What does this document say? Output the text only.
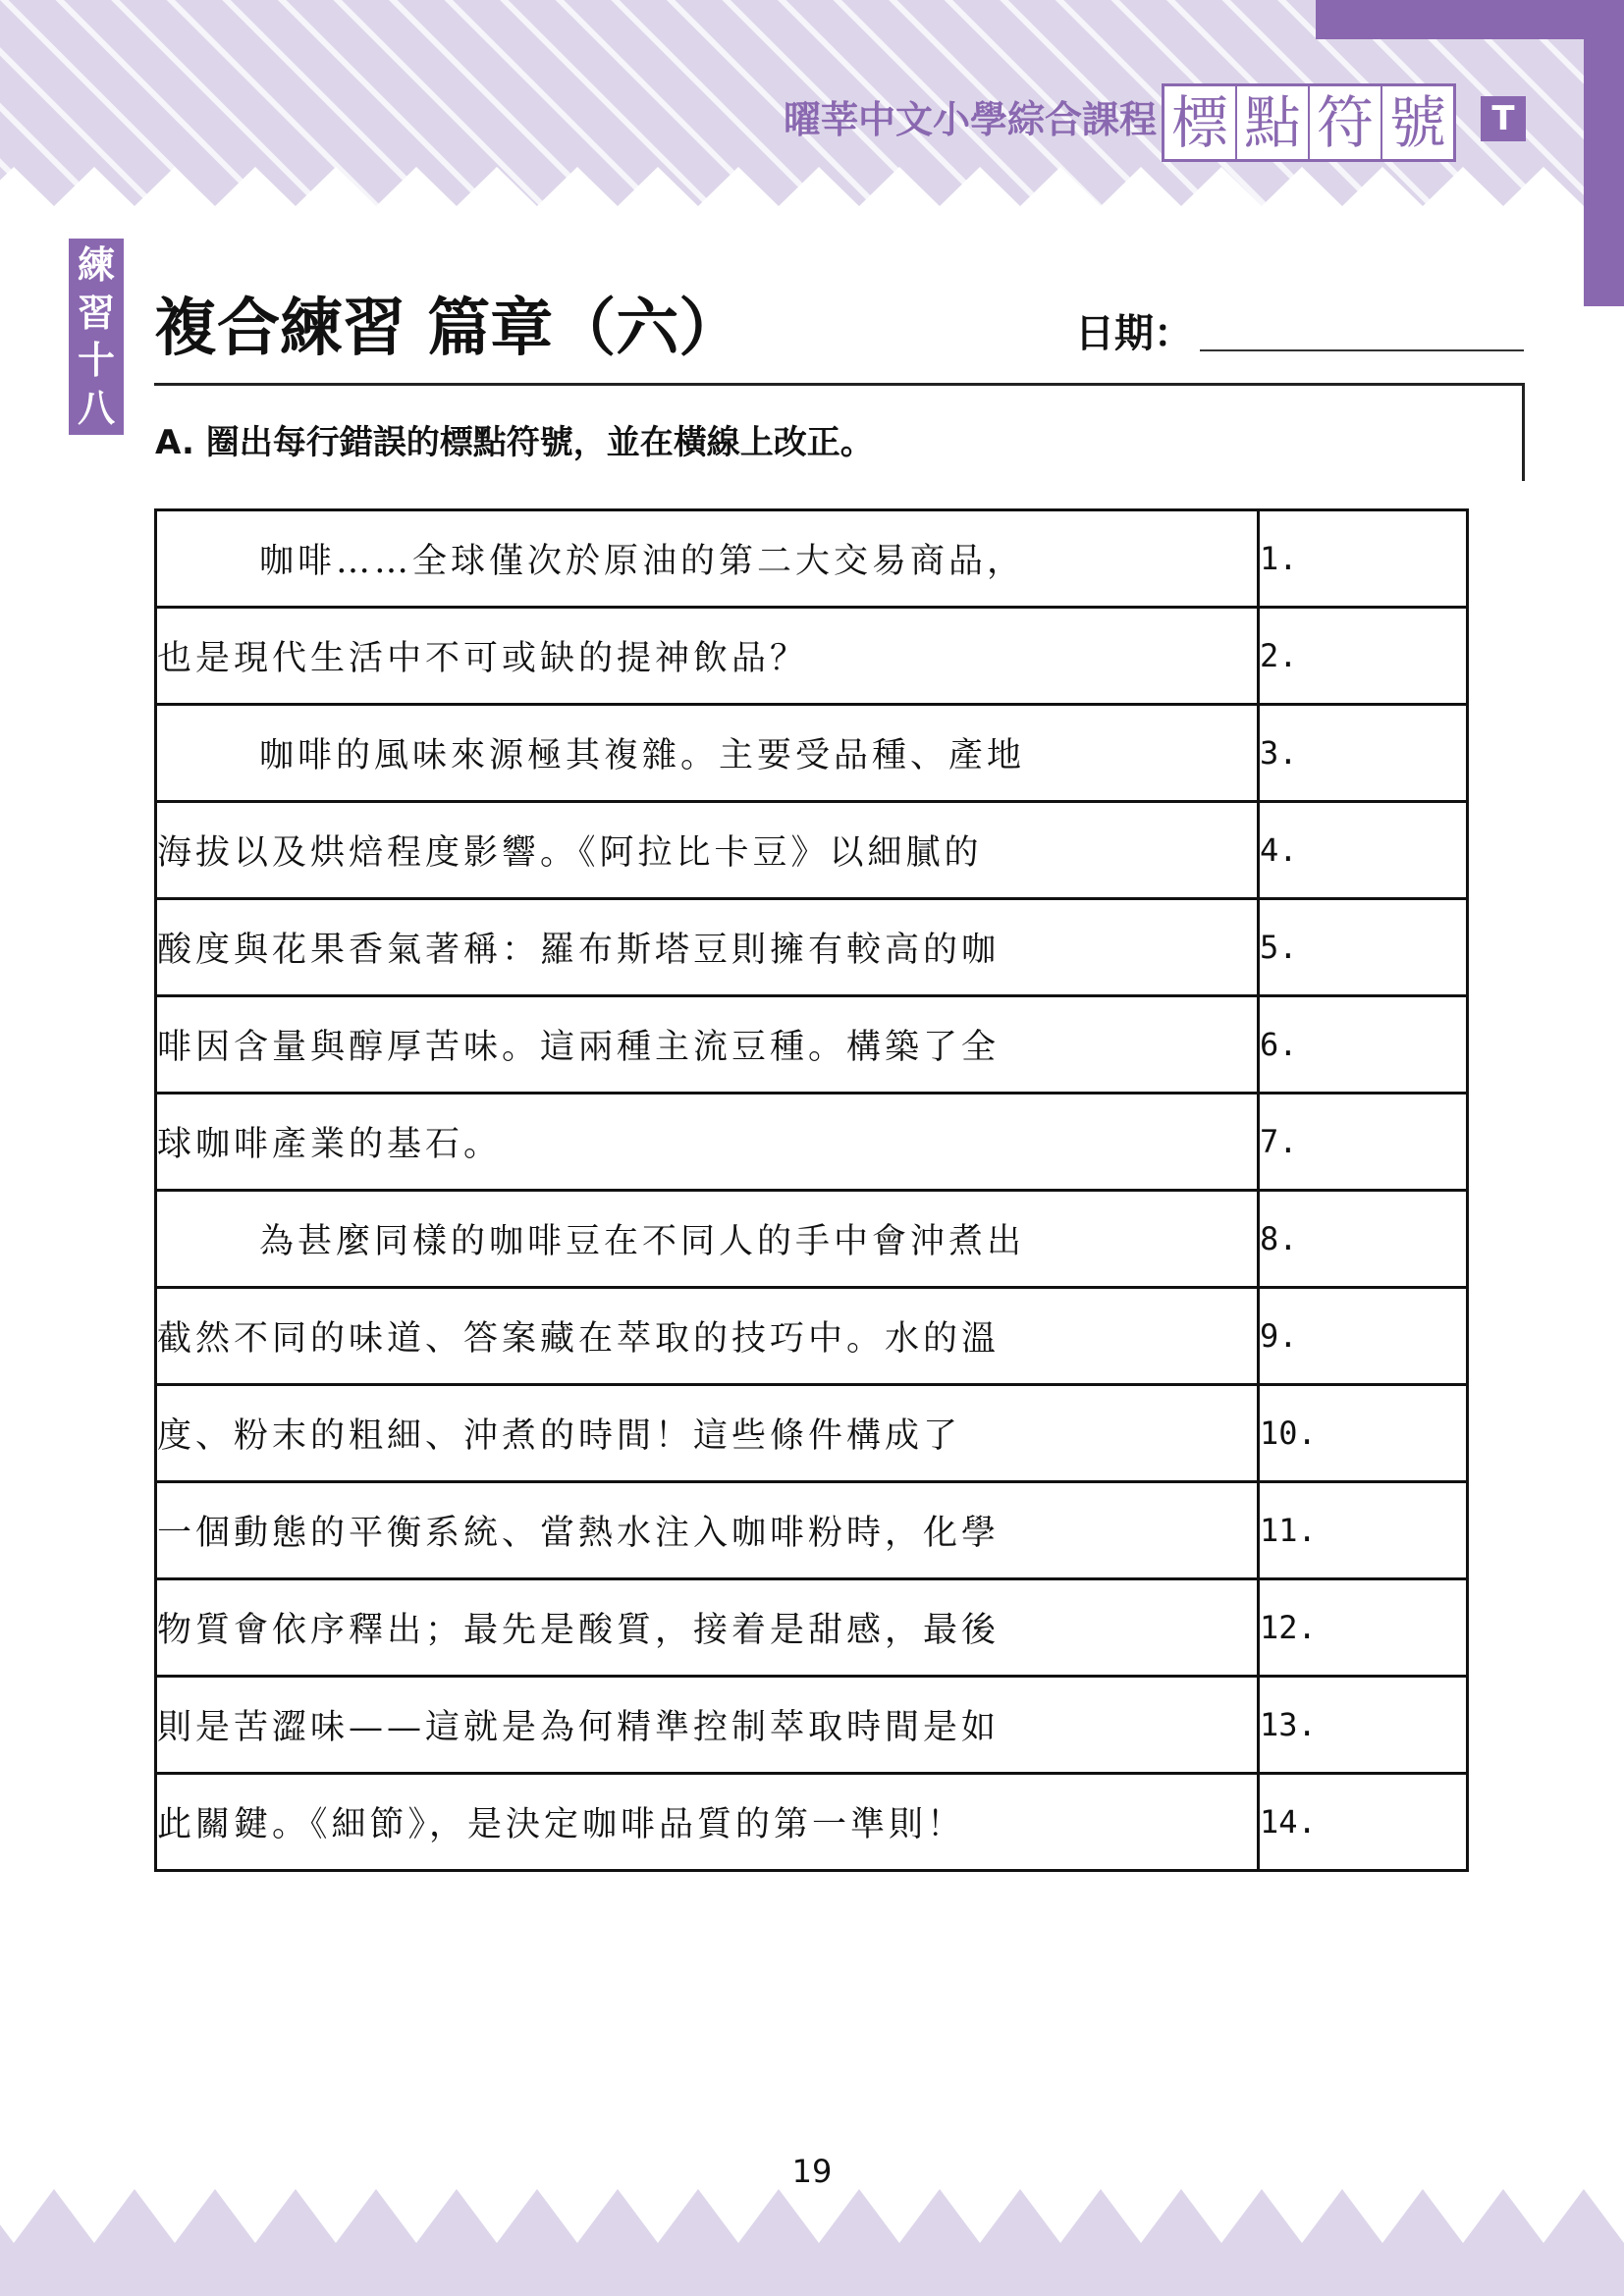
曜莘中文小學綜合課程 標 點 符 號	T
練
習
十
八
複合練習 篇章（六）	日期：
A. 圈出每行錯誤的標點符號，並在橫線上改正。
咖啡……全球僅次於原油的第二大交易商品，	1.
也是現代生活中不可或缺的提神飲品？	2.
咖啡的風味來源極其複雜。主要受品種、產地	3.
海拔以及烘焙程度影響。《阿拉比卡豆》以細膩的	4.
酸度與花果香氣著稱：羅布斯塔豆則擁有較高的咖	5.
啡因含量與醇厚苦味。這兩種主流豆種。構築了全	6.
球咖啡產業的基石。	7.
為甚麼同樣的咖啡豆在不同人的手中會沖煮出	8.
截然不同的味道、答案藏在萃取的技巧中。水的溫	9.
度、粉末的粗細、沖煮的時間！這些條件構成了	10.
一個動態的平衡系統、當熱水注入咖啡粉時，化學	11.
物質會依序釋出；最先是酸質，接着是甜感，最後	12.
則是苦澀味——這就是為何精準控制萃取時間是如	13.
此關鍵。《細節》，是決定咖啡品質的第一準則！	14.
19
